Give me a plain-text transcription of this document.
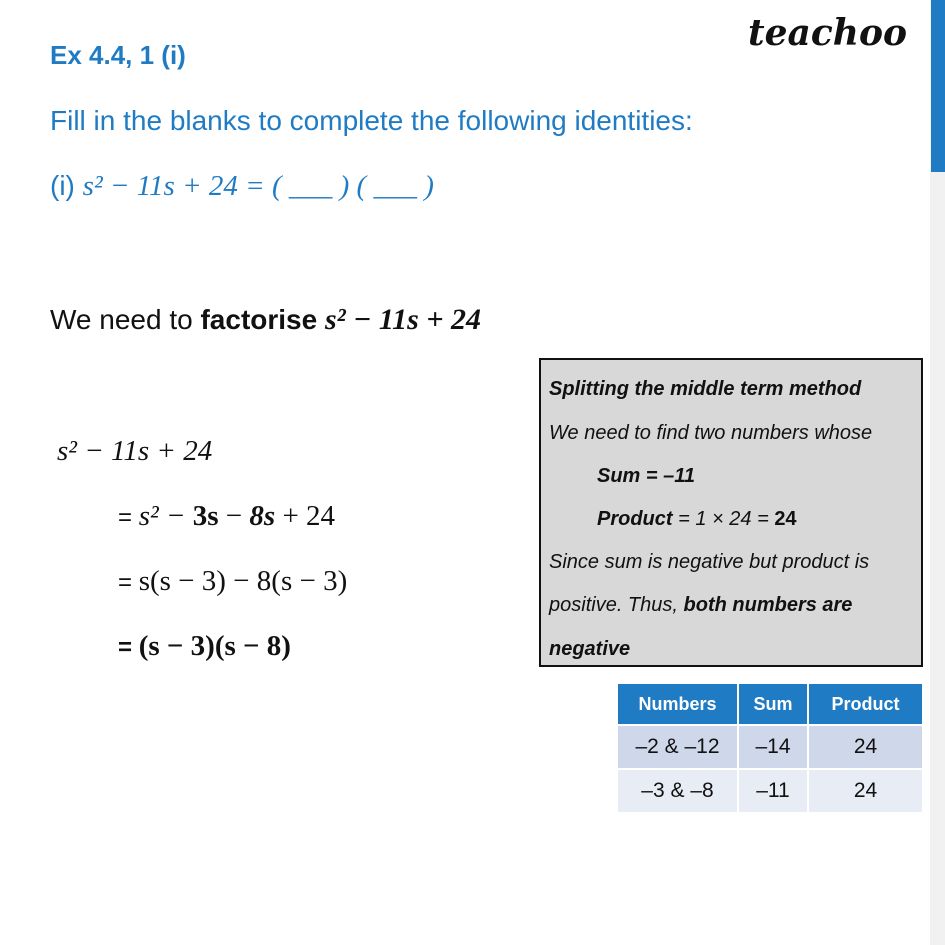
Ex 4.4, 1 (i)
teachoo
Fill in the blanks to complete the following identities:
(i) s² − 11s + 24 = ( ___ ) ( ___ )
We need to factorise s² − 11s + 24
s² − 11s + 24
= s² − 3s − 8s + 24
= s(s − 3) − 8(s − 3)
= (s − 3)(s − 8)
Splitting the middle term method
We need to find two numbers whose
Sum = –11
Product = 1 × 24 = 24
Since sum is negative but product is
positive. Thus, both numbers are
negative
Numbers	Sum	Product
–2 & –12	–14	24
–3 & –8	–11	24
